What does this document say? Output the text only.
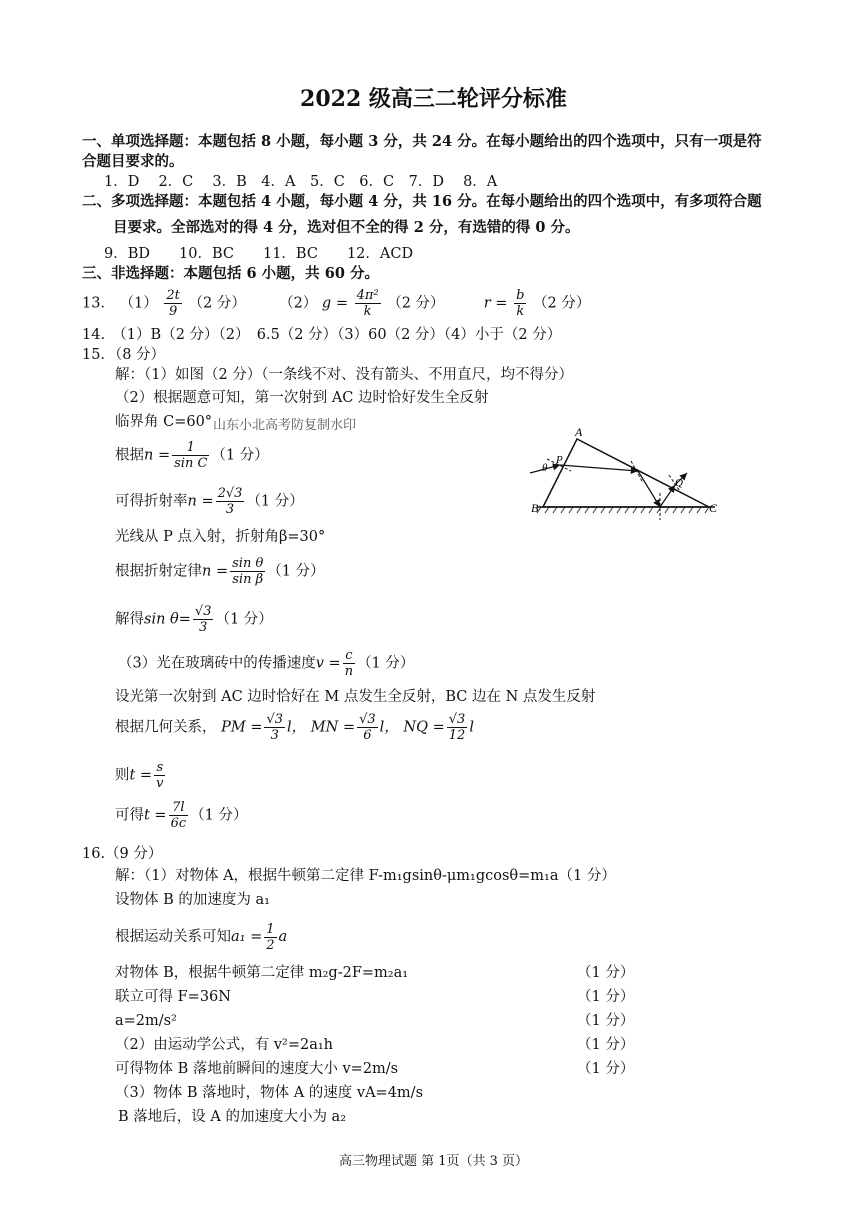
2022 级高三二轮评分标准
一、单项选择题：本题包括 8 小题，每小题 3 分，共 24 分。在每小题给出的四个选项中，只有一项是符
合题目要求的。
1．D　 2．C　 3．B　4．A　5．C　6．C　7．D　 8．A
二、多项选择题：本题包括 4 小题，每小题 4 分，共 16 分。在每小题给出的四个选项中，有多项符合题
目要求。全部选对的得 4 分，选对但不全的得 2 分，有选错的得 0 分。
9．BD　　10．BC　　11．BC　　12．ACD
三、非选择题：本题包括 6 小题，共 60 分。
13． $(1) \frac{2t}{9} (2$ 分） （2） $g = \frac{\text{4π²}}{k} (2$ 分）	$r = \frac{b}{k} (2$ 分）
14.　（1）B（2 分）（2）　6.5（2 分）（3）60（2 分）（4）小于（2 分）
15．（8 分）
解：（1）如图（2 分）（一条线不对、没有箭头、不用直尺，均不得分）
（2）根据题意可知，第一次射到 AC 边时恰好发生全反射
临界角 C=60° 山东小北高考防复制水印
根据$n = \frac{1}{\text{sin C}} (1$ 分）
可得折射率$n = \frac{2√3}{3} (1$ 分）
光线从 P 点入射，折射角β=30°
根据折射定律$n = \frac{\text{sin θ}}{\text{sin β}} (1$ 分）
解得$\sin \theta= \frac{√3}{3} (1$ 分）
（3）光在玻璃砖中的传播速度$v = \frac{c}{n} (1$ 分）
设光第一次射到 AC 边时恰好在 M 点发生全反射，BC 边在 N 点发生反射
根据几何关系， PM = $\frac{√3}{3}$ l， MN = $\frac{√3}{6}$ l， NQ = $\frac{√3}{12}$ l
则$t = \frac{s}{v}$
可得$t = \frac{7l}{6c} (1$ 分）
A
B	C
P
Q
θ
16.（9 分）
解：（1）对物体 A，根据牛顿第二定律 F-m₁gsinθ-μm₁gcosθ=m₁a（1 分）
设物体 B 的加速度为 a₁
根据运动关系可知$a_1 = \frac{1}{2}$ a
对物体 B，根据牛顿第二定律 m₂g-2F=m₂a₁	（1 分）
联立可得 F=36N	（1 分）
a=2m/s²	（1 分）
（2）由运动学公式，有 v²=2a₁h	（1 分）
可得物体 B 落地前瞬间的速度大小 v=2m/s	（1 分）
（3）物体 B 落地时，物体 A 的速度 vA=4m/s
B 落地后，设 A 的加速度大小为 a₂
高三物理试题 第 1页（共 3 页）
